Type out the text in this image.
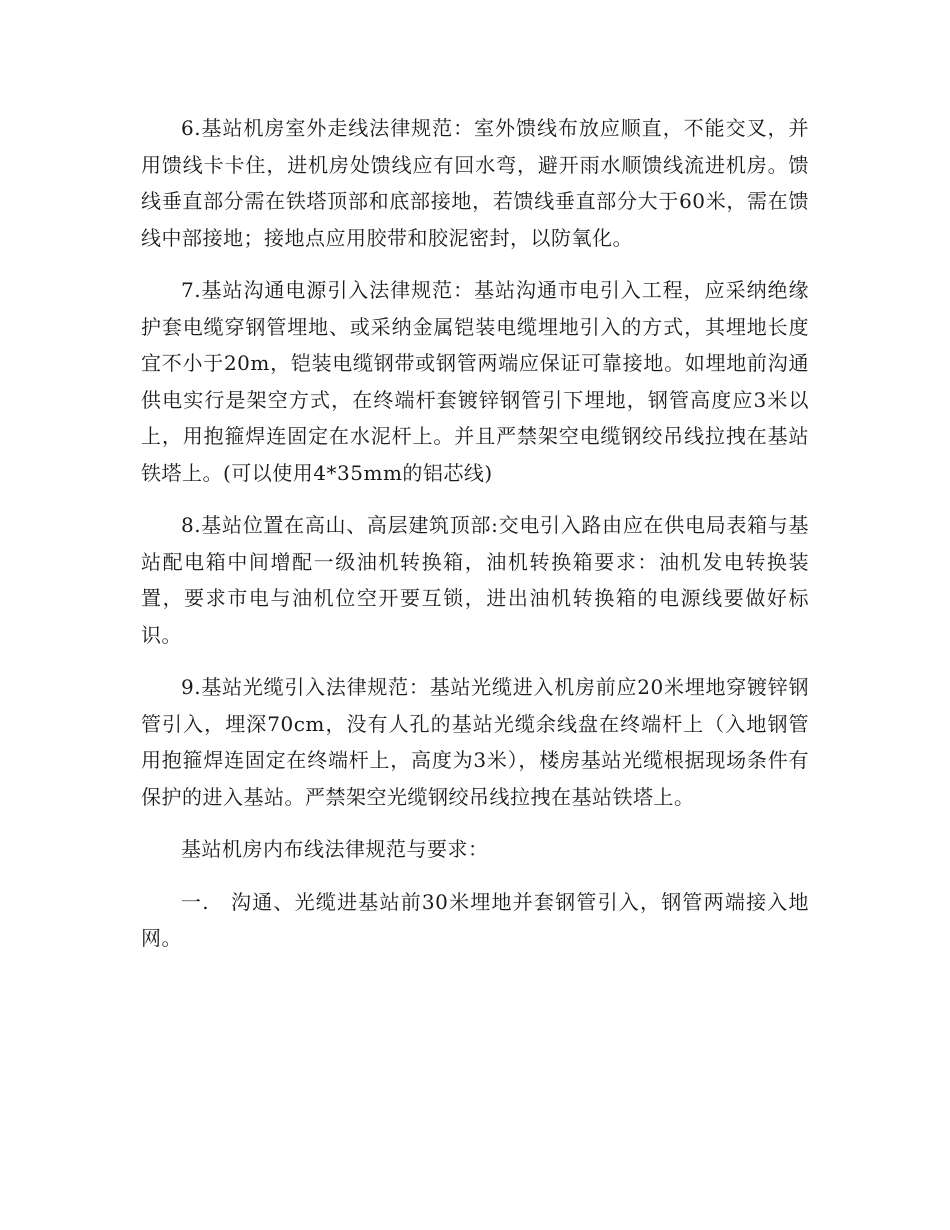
6.基站机房室外走线法律规范：室外馈线布放应顺直，不能交叉，并用馈线卡卡住，进机房处馈线应有回水弯，避开雨水顺馈线流进机房。馈线垂直部分需在铁塔顶部和底部接地，若馈线垂直部分大于60米，需在馈线中部接地；接地点应用胶带和胶泥密封，以防氧化。

7.基站沟通电源引入法律规范：基站沟通市电引入工程，应采纳绝缘护套电缆穿钢管埋地、或采纳金属铠装电缆埋地引入的方式，其埋地长度宜不小于20m，铠装电缆钢带或钢管两端应保证可靠接地。如埋地前沟通供电实行是架空方式，在终端杆套镀锌钢管引下埋地，钢管高度应3米以上，用抱箍焊连固定在水泥杆上。并且严禁架空电缆钢绞吊线拉拽在基站铁塔上。(可以使用4*35mm的铝芯线)

8.基站位置在高山、高层建筑顶部:交电引入路由应在供电局表箱与基站配电箱中间增配一级油机转换箱，油机转换箱要求：油机发电转换装置，要求市电与油机位空开要互锁，进出油机转换箱的电源线要做好标识。

9.基站光缆引入法律规范：基站光缆进入机房前应20米埋地穿镀锌钢管引入，埋深70cm，没有人孔的基站光缆余线盘在终端杆上（入地钢管用抱箍焊连固定在终端杆上，高度为3米），楼房基站光缆根据现场条件有保护的进入基站。严禁架空光缆钢绞吊线拉拽在基站铁塔上。

基站机房内布线法律规范与要求：

一.　沟通、光缆进基站前30米埋地并套钢管引入，钢管两端接入地网。
